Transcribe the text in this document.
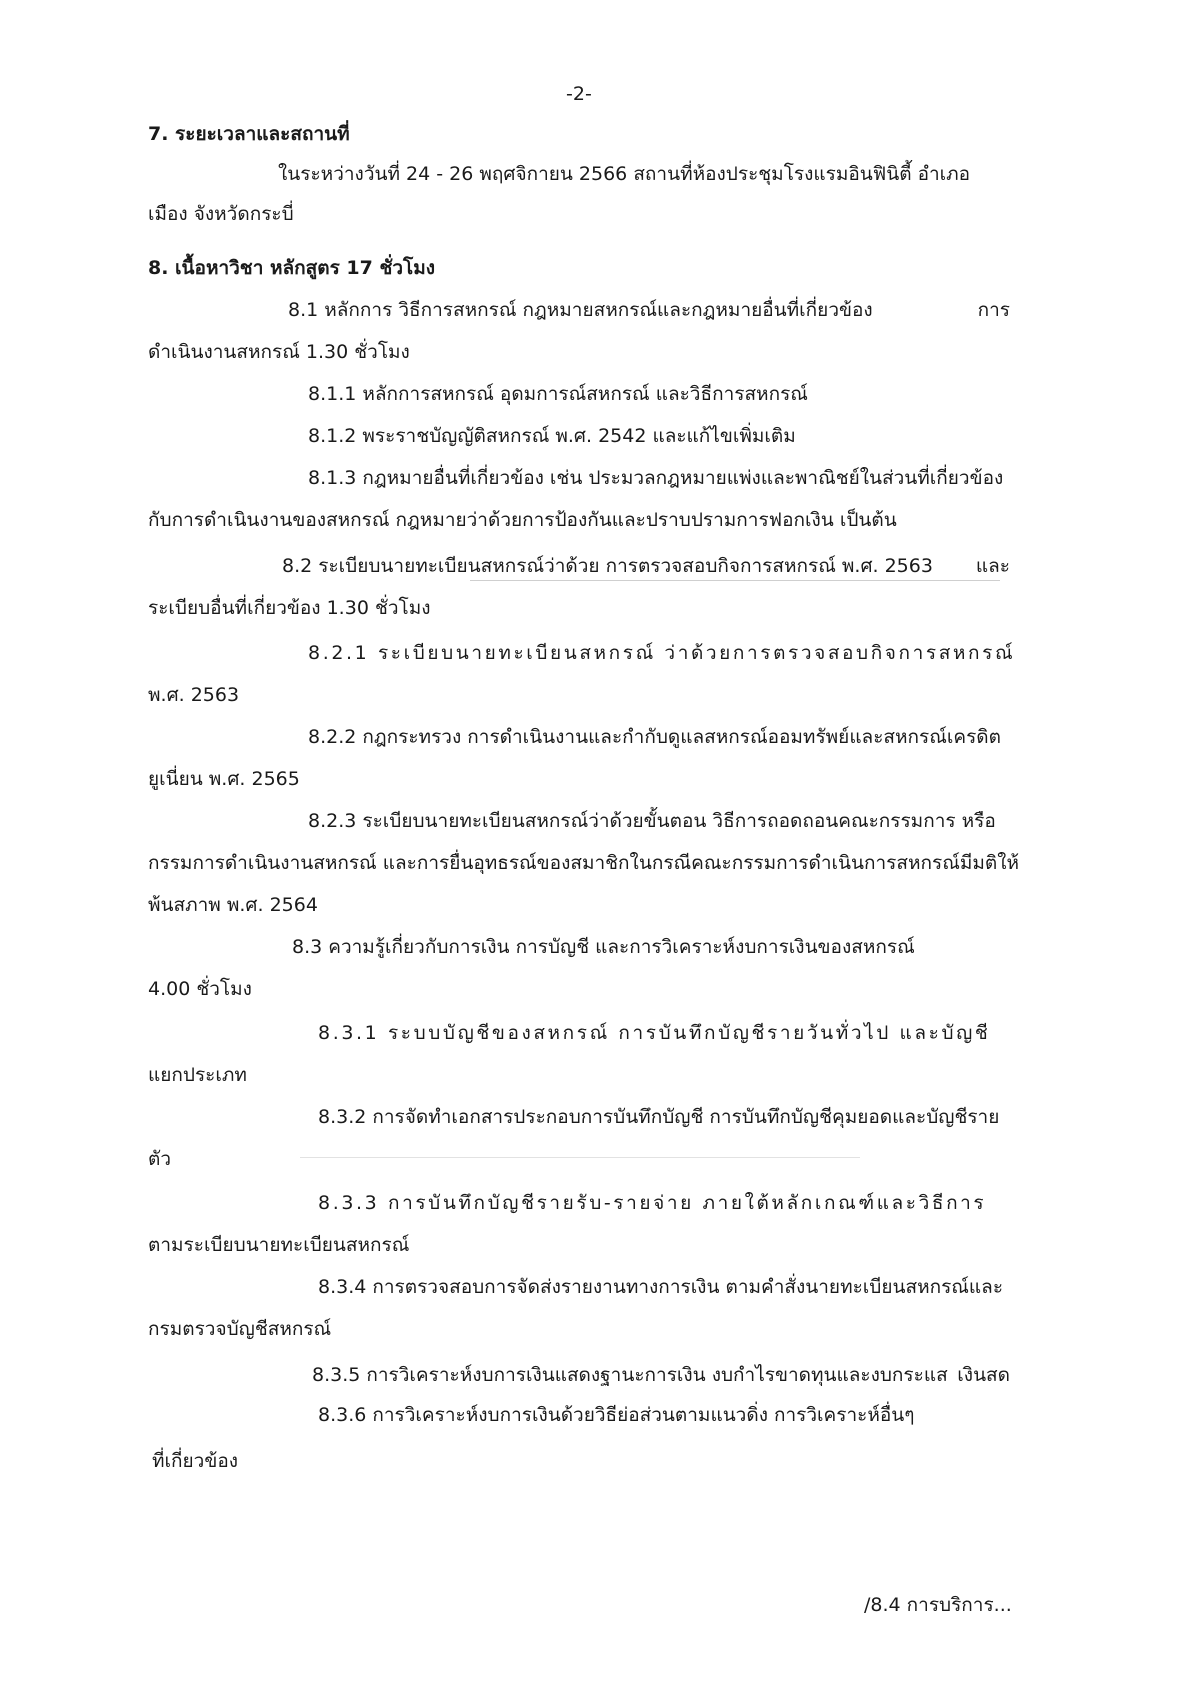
-2-
7. ระยะเวลาและสถานที่
ในระหว่างวันที่ 24 - 26 พฤศจิกายน 2566 สถานที่ห้องประชุมโรงแรมอินฟินิตี้ อำเภอ
เมือง จังหวัดกระบี่
8. เนื้อหาวิชา หลักสูตร 17 ชั่วโมง
8.1 หลักการ วิธีการสหกรณ์ กฎหมายสหกรณ์และกฎหมายอื่นที่เกี่ยวข้อง	การ
ดำเนินงานสหกรณ์ 1.30 ชั่วโมง
8.1.1 หลักการสหกรณ์ อุดมการณ์สหกรณ์ และวิธีการสหกรณ์
8.1.2 พระราชบัญญัติสหกรณ์ พ.ศ. 2542 และแก้ไขเพิ่มเติม
8.1.3 กฎหมายอื่นที่เกี่ยวข้อง เช่น ประมวลกฎหมายแพ่งและพาณิชย์ในส่วนที่เกี่ยวข้อง
กับการดำเนินงานของสหกรณ์ กฎหมายว่าด้วยการป้องกันและปราบปรามการฟอกเงิน เป็นต้น
8.2 ระเบียบนายทะเบียนสหกรณ์ว่าด้วย การตรวจสอบกิจการสหกรณ์ พ.ศ. 2563 และ
ระเบียบอื่นที่เกี่ยวข้อง 1.30 ชั่วโมง
8.2.1 ระเบียบนายทะเบียนสหกรณ์ ว่าด้วยการตรวจสอบกิจการสหกรณ์
พ.ศ. 2563
8.2.2 กฎกระทรวง การดำเนินงานและกำกับดูแลสหกรณ์ออมทรัพย์และสหกรณ์เครดิต
ยูเนี่ยน พ.ศ. 2565
8.2.3 ระเบียบนายทะเบียนสหกรณ์ว่าด้วยขั้นตอน วิธีการถอดถอนคณะกรรมการ หรือ
กรรมการดำเนินงานสหกรณ์ และการยื่นอุทธรณ์ของสมาชิกในกรณีคณะกรรมการดำเนินการสหกรณ์มีมติให้
พ้นสภาพ พ.ศ. 2564
8.3 ความรู้เกี่ยวกับการเงิน การบัญชี และการวิเคราะห์งบการเงินของสหกรณ์
4.00 ชั่วโมง
8.3.1 ระบบบัญชีของสหกรณ์ การบันทึกบัญชีรายวันทั่วไป และบัญชี
แยกประเภท
8.3.2 การจัดทำเอกสารประกอบการบันทึกบัญชี การบันทึกบัญชีคุมยอดและบัญชีราย
ตัว
8.3.3 การบันทึกบัญชีรายรับ-รายจ่าย ภายใต้หลักเกณฑ์และวิธีการ
ตามระเบียบนายทะเบียนสหกรณ์
8.3.4 การตรวจสอบการจัดส่งรายงานทางการเงิน ตามคำสั่งนายทะเบียนสหกรณ์และ
กรมตรวจบัญชีสหกรณ์
8.3.5 การวิเคราะห์งบการเงินแสดงฐานะการเงิน งบกำไรขาดทุนและงบกระแส เงินสด
8.3.6 การวิเคราะห์งบการเงินด้วยวิธีย่อส่วนตามแนวดิ่ง การวิเคราะห์อื่นๆ
ที่เกี่ยวข้อง
/8.4 การบริการ...
